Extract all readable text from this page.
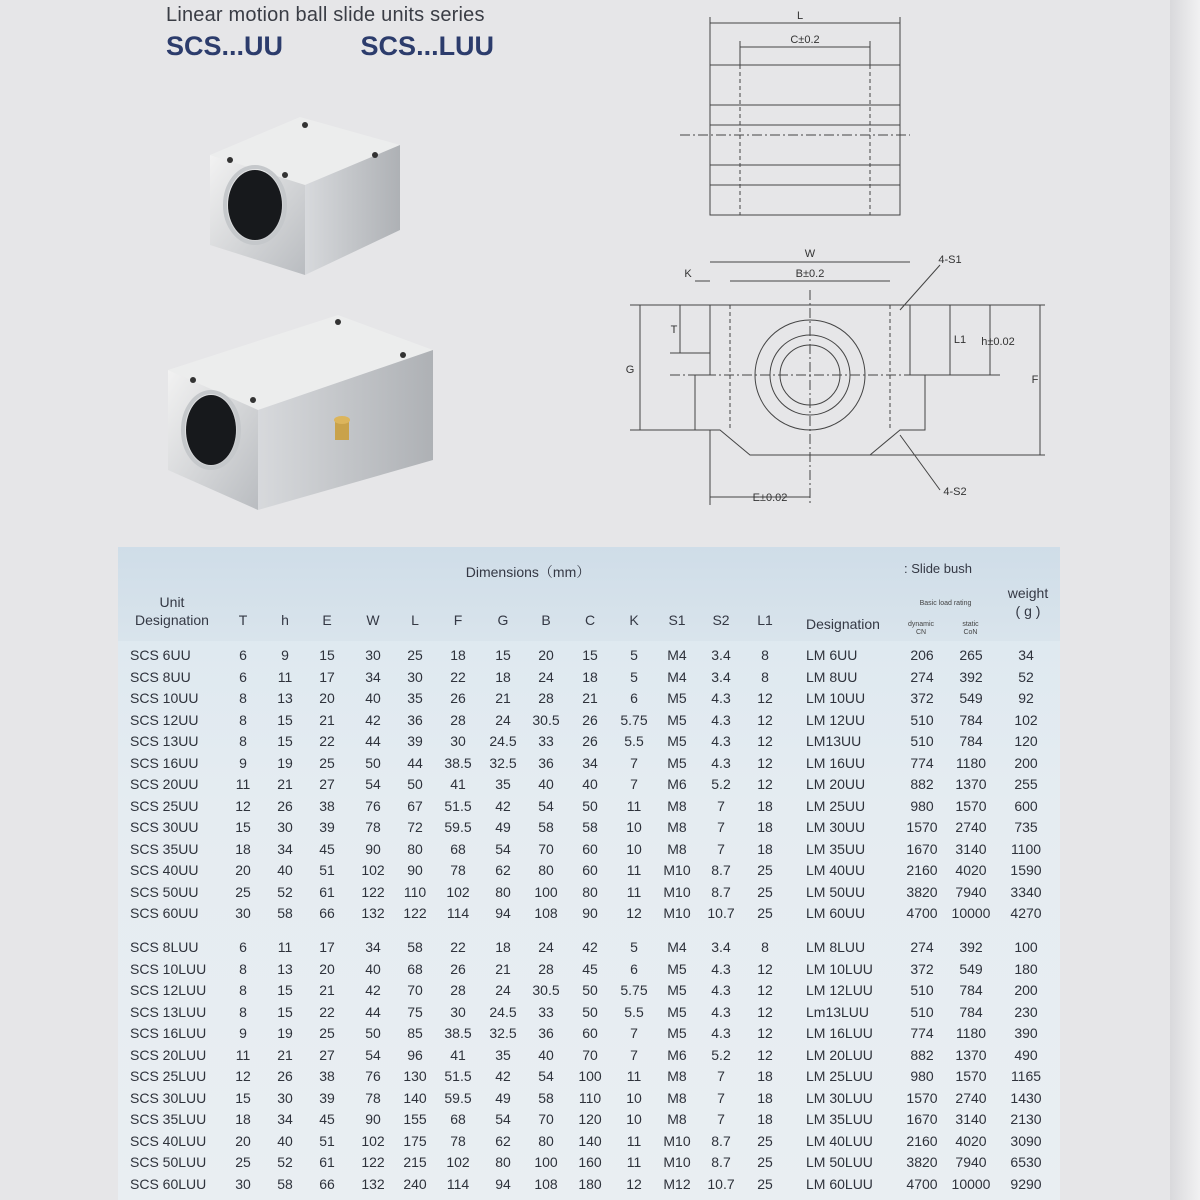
Linear motion ball slide units series
SCS...UU	SCS...LUU
L
C±0.2
W
K	B±0.2
4-S1
T
G
L1 h±0.02
F
E±0.02	4-S2
Unit
Designation
Dimensions（mm）	: Slide bush
Designation
Basic load rating
dynamic
CN
static
CoN
weight
( g )
T	h	E	W	L	F	G	B	C	K	S1	S2	L1
SCS 6UU	6	9	15	30	25	18	15	20	15	5	M4	3.4	8	LM 6UU	206	265	34
SCS 8UU	6	11	17	34	30	22	18	24	18	5	M4	3.4	8	LM 8UU	274	392	52
SCS 10UU	8	13	20	40	35	26	21	28	21	6	M5	4.3	12	LM 10UU	372	549	92
SCS 12UU	8	15	21	42	36	28	24	30.5	26	5.75	M5	4.3	12	LM 12UU	510	784	102
SCS 13UU	8	15	22	44	39	30	24.5	33	26	5.5	M5	4.3	12	LM13UU	510	784	120
SCS 16UU	9	19	25	50	44	38.5	32.5	36	34	7	M5	4.3	12	LM 16UU	774	1180	200
SCS 20UU	11	21	27	54	50	41	35	40	40	7	M6	5.2	12	LM 20UU	882	1370	255
SCS 25UU	12	26	38	76	67	51.5	42	54	50	11	M8	7	18	LM 25UU	980	1570	600
SCS 30UU	15	30	39	78	72	59.5	49	58	58	10	M8	7	18	LM 30UU	1570	2740	735
SCS 35UU	18	34	45	90	80	68	54	70	60	10	M8	7	18	LM 35UU	1670	3140	1100
SCS 40UU	20	40	51	102	90	78	62	80	60	11	M10	8.7	25	LM 40UU	2160	4020	1590
SCS 50UU	25	52	61	122	110	102	80	100	80	11	M10	8.7	25	LM 50UU	3820	7940	3340
SCS 60UU	30	58	66	132	122	114	94	108	90	12	M10	10.7	25	LM 60UU	4700 10000	4270
SCS 8LUU	6	11	17	34	58	22	18	24	42	5	M4	3.4	8	LM 8LUU	274	392	100
SCS 10LUU	8	13	20	40	68	26	21	28	45	6	M5	4.3	12	LM 10LUU	372	549	180
SCS 12LUU	8	15	21	42	70	28	24	30.5	50	5.75	M5	4.3	12	LM 12LUU	510	784	200
SCS 13LUU	8	15	22	44	75	30	24.5	33	50	5.5	M5	4.3	12	Lm13LUU	510	784	230
SCS 16LUU	9	19	25	50	85	38.5	32.5	36	60	7	M5	4.3	12	LM 16LUU	774	1180	390
SCS 20LUU	11	21	27	54	96	41	35	40	70	7	M6	5.2	12	LM 20LUU	882	1370	490
SCS 25LUU	12	26	38	76	130	51.5	42	54	100	11	M8	7	18	LM 25LUU	980	1570	1165
SCS 30LUU	15	30	39	78	140	59.5	49	58	110	10	M8	7	18	LM 30LUU	1570	2740	1430
SCS 35LUU	18	34	45	90	155	68	54	70	120	10	M8	7	18	LM 35LUU	1670	3140	2130
SCS 40LUU	20	40	51	102	175	78	62	80	140	11	M10	8.7	25	LM 40LUU	2160	4020	3090
SCS 50LUU	25	52	61	122	215	102	80	100	160	11	M10	8.7	25	LM 50LUU	3820	7940	6530
SCS 60LUU	30	58	66	132	240	114	94	108	180	12	M12	10.7	25	LM 60LUU	4700 10000	9290
